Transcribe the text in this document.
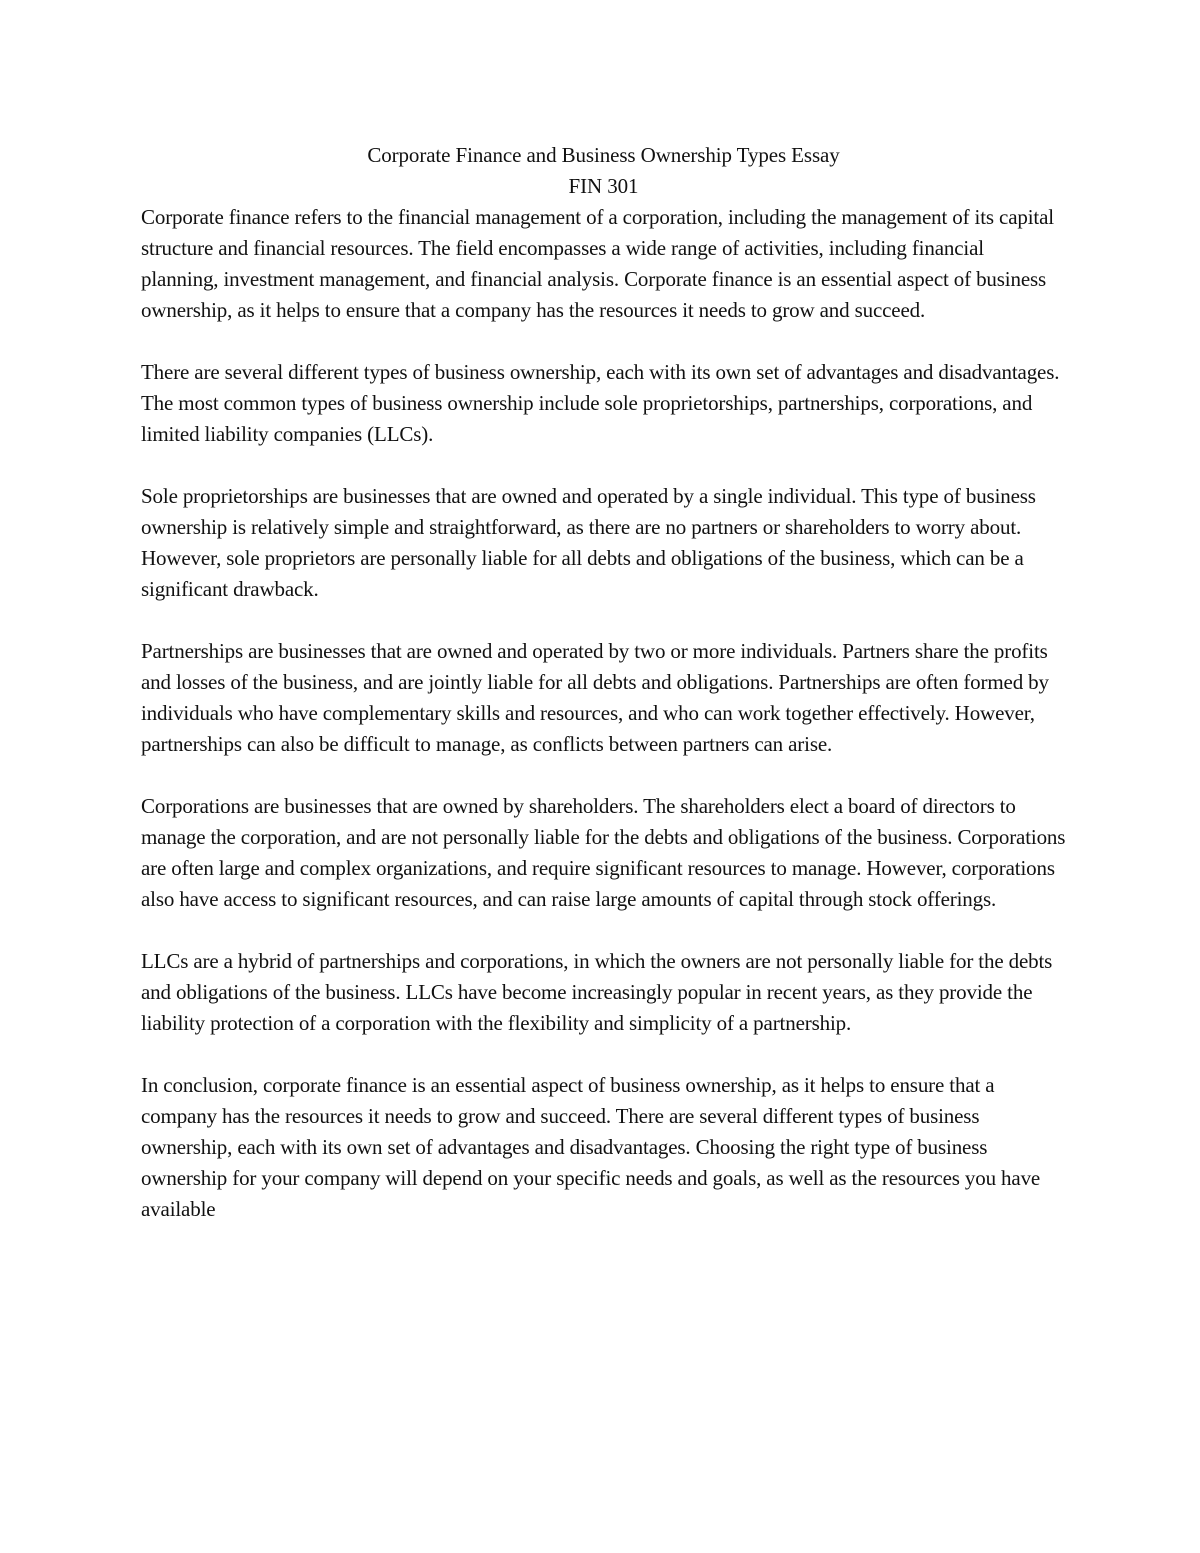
Corporate Finance and Business Ownership Types Essay

FIN 301

Corporate finance refers to the financial management of a corporation, including the management of its capital structure and financial resources. The field encompasses a wide range of activities, including financial planning, investment management, and financial analysis. Corporate finance is an essential aspect of business ownership, as it helps to ensure that a company has the resources it needs to grow and succeed.

There are several different types of business ownership, each with its own set of advantages and disadvantages. The most common types of business ownership include sole proprietorships, partnerships, corporations, and limited liability companies (LLCs).

Sole proprietorships are businesses that are owned and operated by a single individual. This type of business ownership is relatively simple and straightforward, as there are no partners or shareholders to worry about. However, sole proprietors are personally liable for all debts and obligations of the business, which can be a significant drawback.

Partnerships are businesses that are owned and operated by two or more individuals. Partners share the profits and losses of the business, and are jointly liable for all debts and obligations. Partnerships are often formed by individuals who have complementary skills and resources, and who can work together effectively. However, partnerships can also be difficult to manage, as conflicts between partners can arise.

Corporations are businesses that are owned by shareholders. The shareholders elect a board of directors to manage the corporation, and are not personally liable for the debts and obligations of the business. Corporations are often large and complex organizations, and require significant resources to manage. However, corporations also have access to significant resources, and can raise large amounts of capital through stock offerings.

LLCs are a hybrid of partnerships and corporations, in which the owners are not personally liable for the debts and obligations of the business. LLCs have become increasingly popular in recent years, as they provide the liability protection of a corporation with the flexibility and simplicity of a partnership.

In conclusion, corporate finance is an essential aspect of business ownership, as it helps to ensure that a company has the resources it needs to grow and succeed. There are several different types of business ownership, each with its own set of advantages and disadvantages. Choosing the right type of business ownership for your company will depend on your specific needs and goals, as well as the resources you have available
